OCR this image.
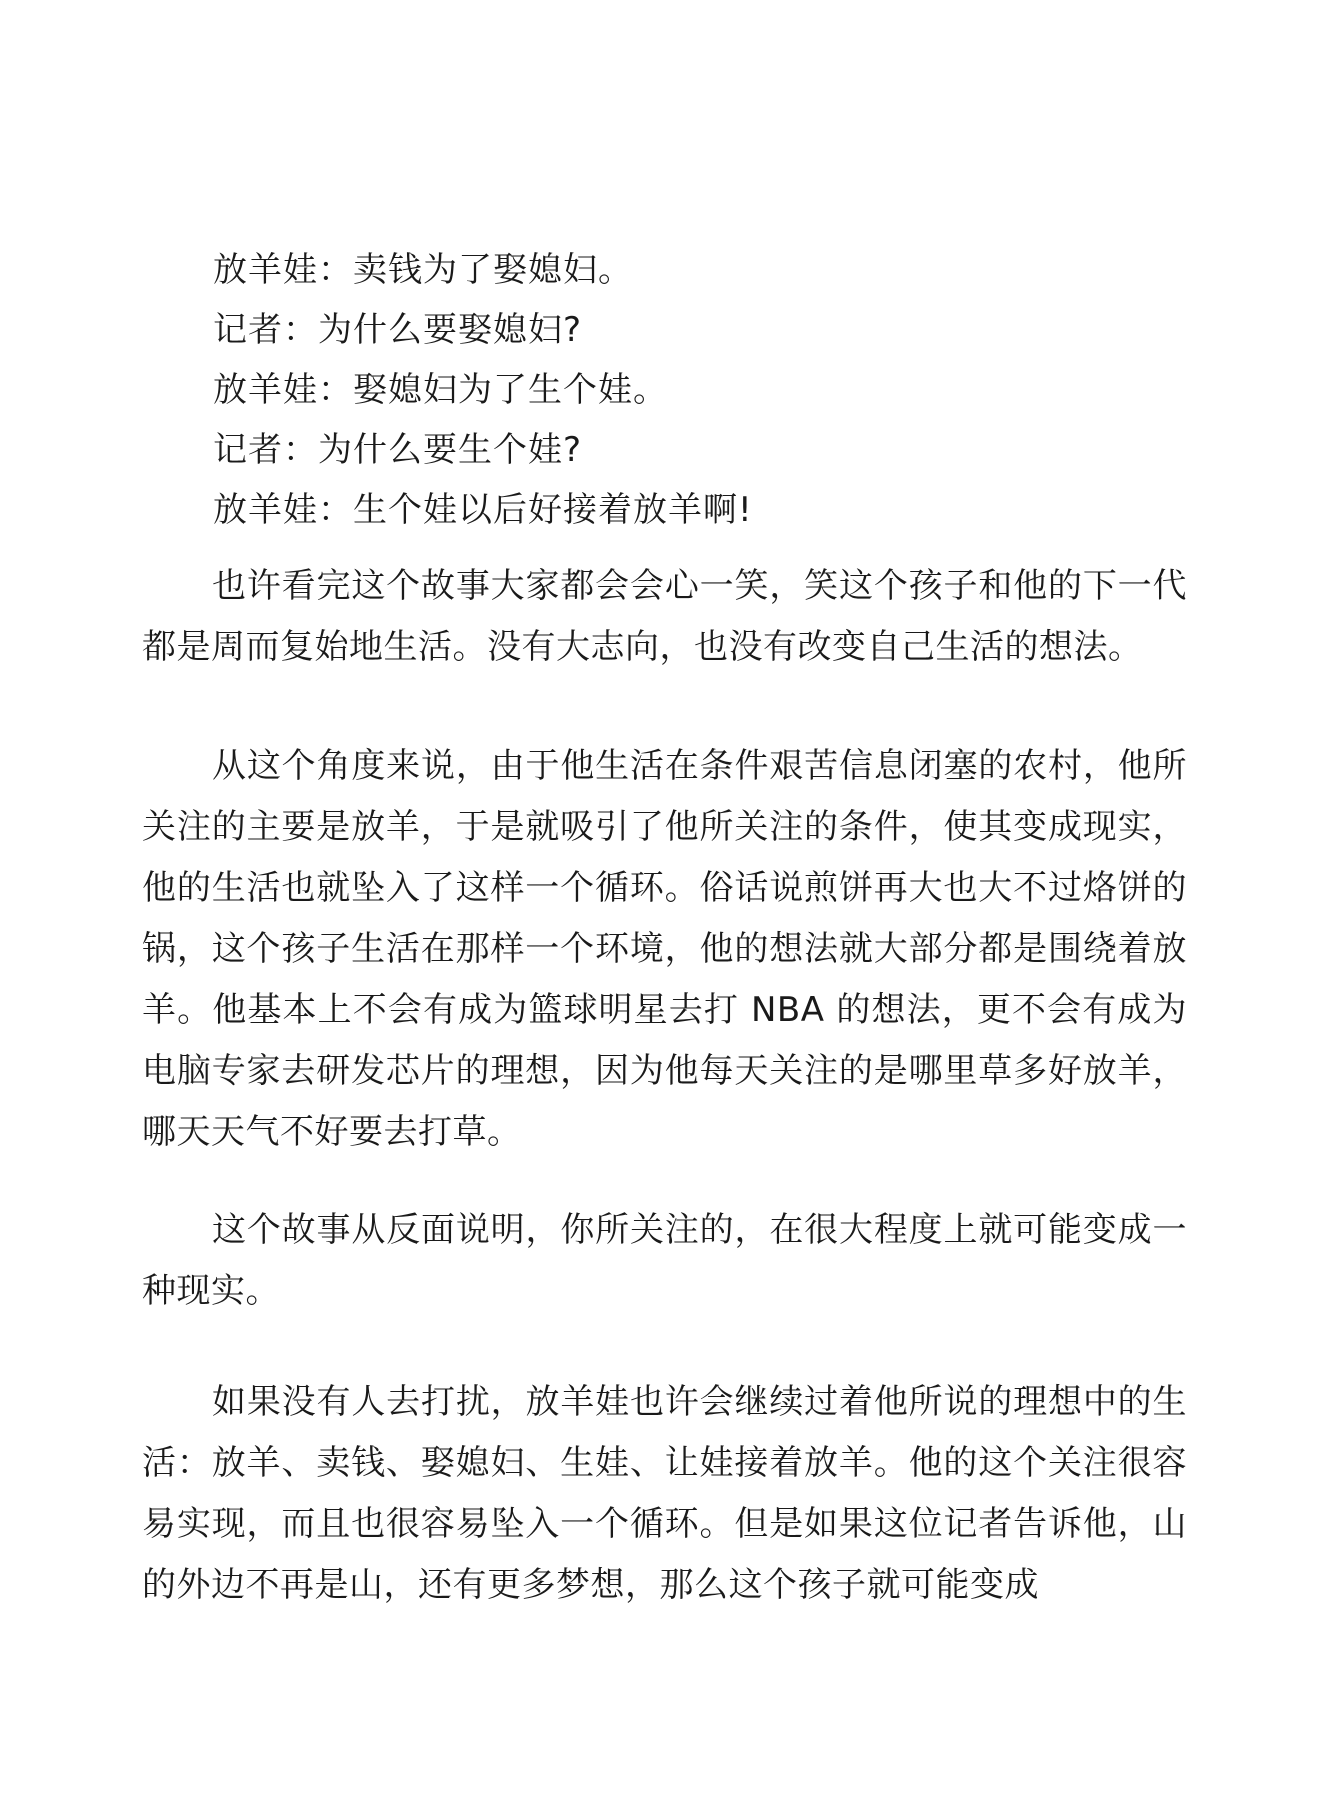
放羊娃：卖钱为了娶媳妇。
记者：为什么要娶媳妇?
放羊娃：娶媳妇为了生个娃。
记者：为什么要生个娃?
放羊娃：生个娃以后好接着放羊啊!

也许看完这个故事大家都会会心一笑，笑这个孩子和他的下一代都是周而复始地生活。没有大志向，也没有改变自己生活的想法。

从这个角度来说，由于他生活在条件艰苦信息闭塞的农村，他所关注的主要是放羊，于是就吸引了他所关注的条件，使其变成现实，他的生活也就坠入了这样一个循环。俗话说煎饼再大也大不过烙饼的锅，这个孩子生活在那样一个环境，他的想法就大部分都是围绕着放羊。他基本上不会有成为篮球明星去打 NBA 的想法，更不会有成为电脑专家去研发芯片的理想，因为他每天关注的是哪里草多好放羊，哪天天气不好要去打草。

这个故事从反面说明，你所关注的，在很大程度上就可能变成一种现实。

如果没有人去打扰，放羊娃也许会继续过着他所说的理想中的生 活：放羊、卖钱、娶媳妇、生娃、让娃接着放羊。他的这个关注很容易实现，而且也很容易坠入一个循环。但是如果这位记者告诉他，山的外边不再是山，还有更多梦想，那么这个孩子就可能变成
